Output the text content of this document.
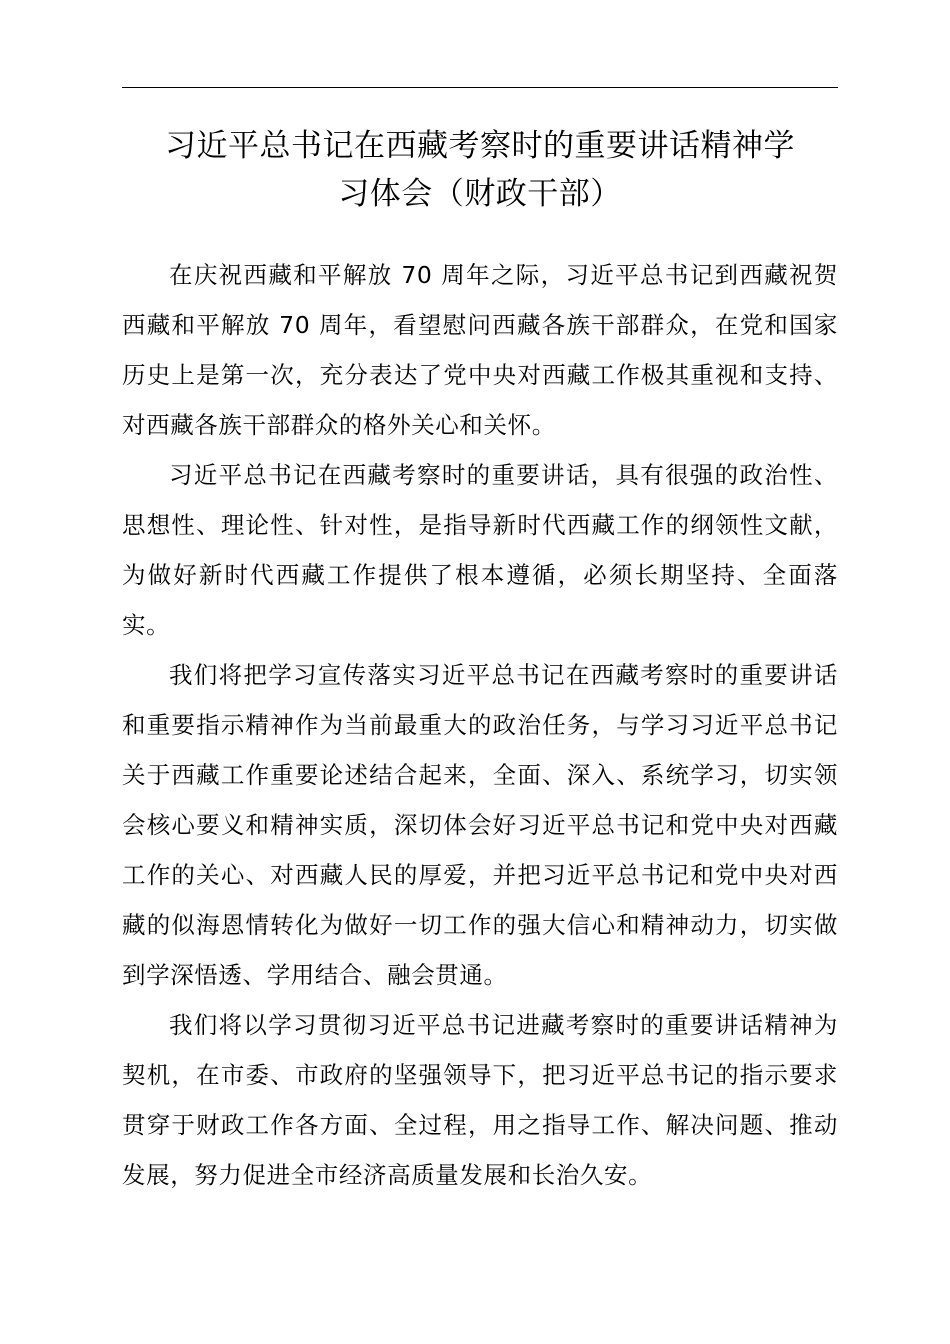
习近平总书记在西藏考察时的重要讲话精神学
习体会（财政干部）

在庆祝西藏和平解放 70 周年之际，习近平总书记到西藏祝贺西藏和平解放 70 周年，看望慰问西藏各族干部群众，在党和国家历史上是第一次，充分表达了党中央对西藏工作极其重视和支持、对西藏各族干部群众的格外关心和关怀。

习近平总书记在西藏考察时的重要讲话，具有很强的政治性、思想性、理论性、针对性，是指导新时代西藏工作的纲领性文献，为做好新时代西藏工作提供了根本遵循，必须长期坚持、全面落实。

我们将把学习宣传落实习近平总书记在西藏考察时的重要讲话和重要指示精神作为当前最重大的政治任务，与学习习近平总书记关于西藏工作重要论述结合起来，全面、深入、系统学习，切实领会核心要义和精神实质，深切体会好习近平总书记和党中央对西藏工作的关心、对西藏人民的厚爱，并把习近平总书记和党中央对西藏的似海恩情转化为做好一切工作的强大信心和精神动力，切实做到学深悟透、学用结合、融会贯通。

我们将以学习贯彻习近平总书记进藏考察时的重要讲话精神为契机，在市委、市政府的坚强领导下，把习近平总书记的指示要求贯穿于财政工作各方面、全过程，用之指导工作、解决问题、推动发展，努力促进全市经济高质量发展和长治久安。
